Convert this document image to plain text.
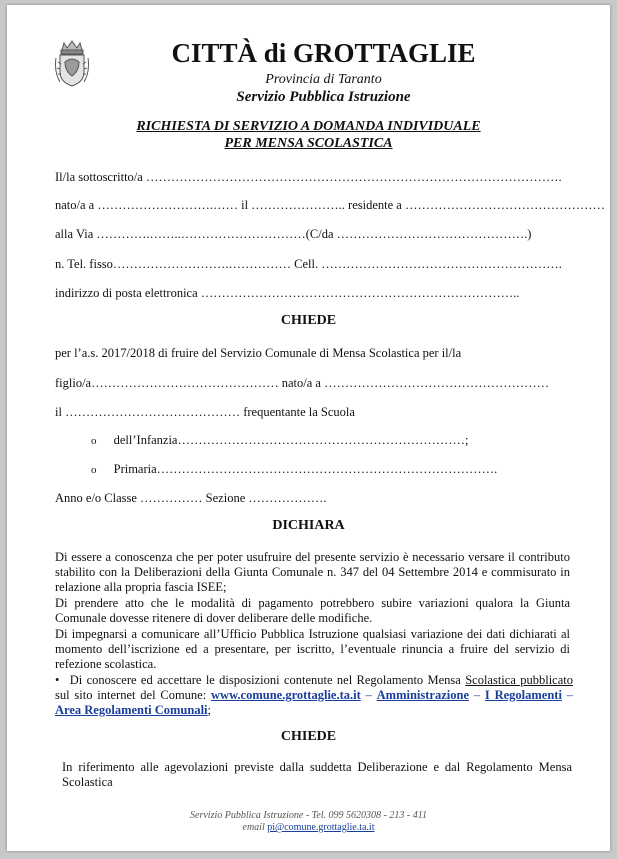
CITTÀ di GROTTAGLIE
Provincia di Taranto
Servizio Pubblica Istruzione
RICHIESTA DI SERVIZIO A DOMANDA INDIVIDUALE
PER MENSA SCOLASTICA
Il/la sottoscritto/a ……………………………………………………………………………………….
nato/a a ……………………….…… il ………………….. residente a …………………………………………
alla Via ………….……..…………………………(C/da ……………………………………….)
n. Tel. fisso……………………….…………… Cell. ………………………………………………….
indirizzo di posta elettronica …………………………………………………………………..
CHIEDE
per l’a.s. 2017/2018 di fruire del Servizio Comunale di Mensa Scolastica per il/la
figlio/a……………………………………… nato/a a ………………………………………………
il …………………………………… frequentante la Scuola
o dell’Infanzia……………………………………………………………;
o Primaria……………………………………………………………………….
Anno e/o Classe …………… Sezione ……………….
DICHIARA
Di essere a conoscenza che per poter usufruire del presente servizio è necessario versare il contributo stabilito con la Deliberazioni della Giunta Comunale n. 347 del 04 Settembre 2014 e commisurato in relazione alla propria fascia ISEE;
Di prendere atto che le modalità di pagamento potrebbero subire variazioni qualora la Giunta Comunale dovesse ritenere di dover deliberare delle modifiche.
Di impegnarsi a comunicare all’Ufficio Pubblica Istruzione qualsiasi variazione dei dati dichiarati al momento dell’iscrizione ed a presentare, per iscritto, l’eventuale rinuncia a fruire del servizio di refezione scolastica.
• Di conoscere ed accettare le disposizioni contenute nel Regolamento Mensa Scolastica pubblicato sul sito internet del Comune: www.comune.grottaglie.ta.it – Amministrazione – I Regolamenti – Area Regolamenti Comunali;
CHIEDE
In riferimento alle agevolazioni previste dalla suddetta Deliberazione e dal Regolamento Mensa Scolastica
Servizio Pubblica Istruzione - Tel. 099 5620308 - 213 - 411
email pi@comune.grottaglie.ta.it
